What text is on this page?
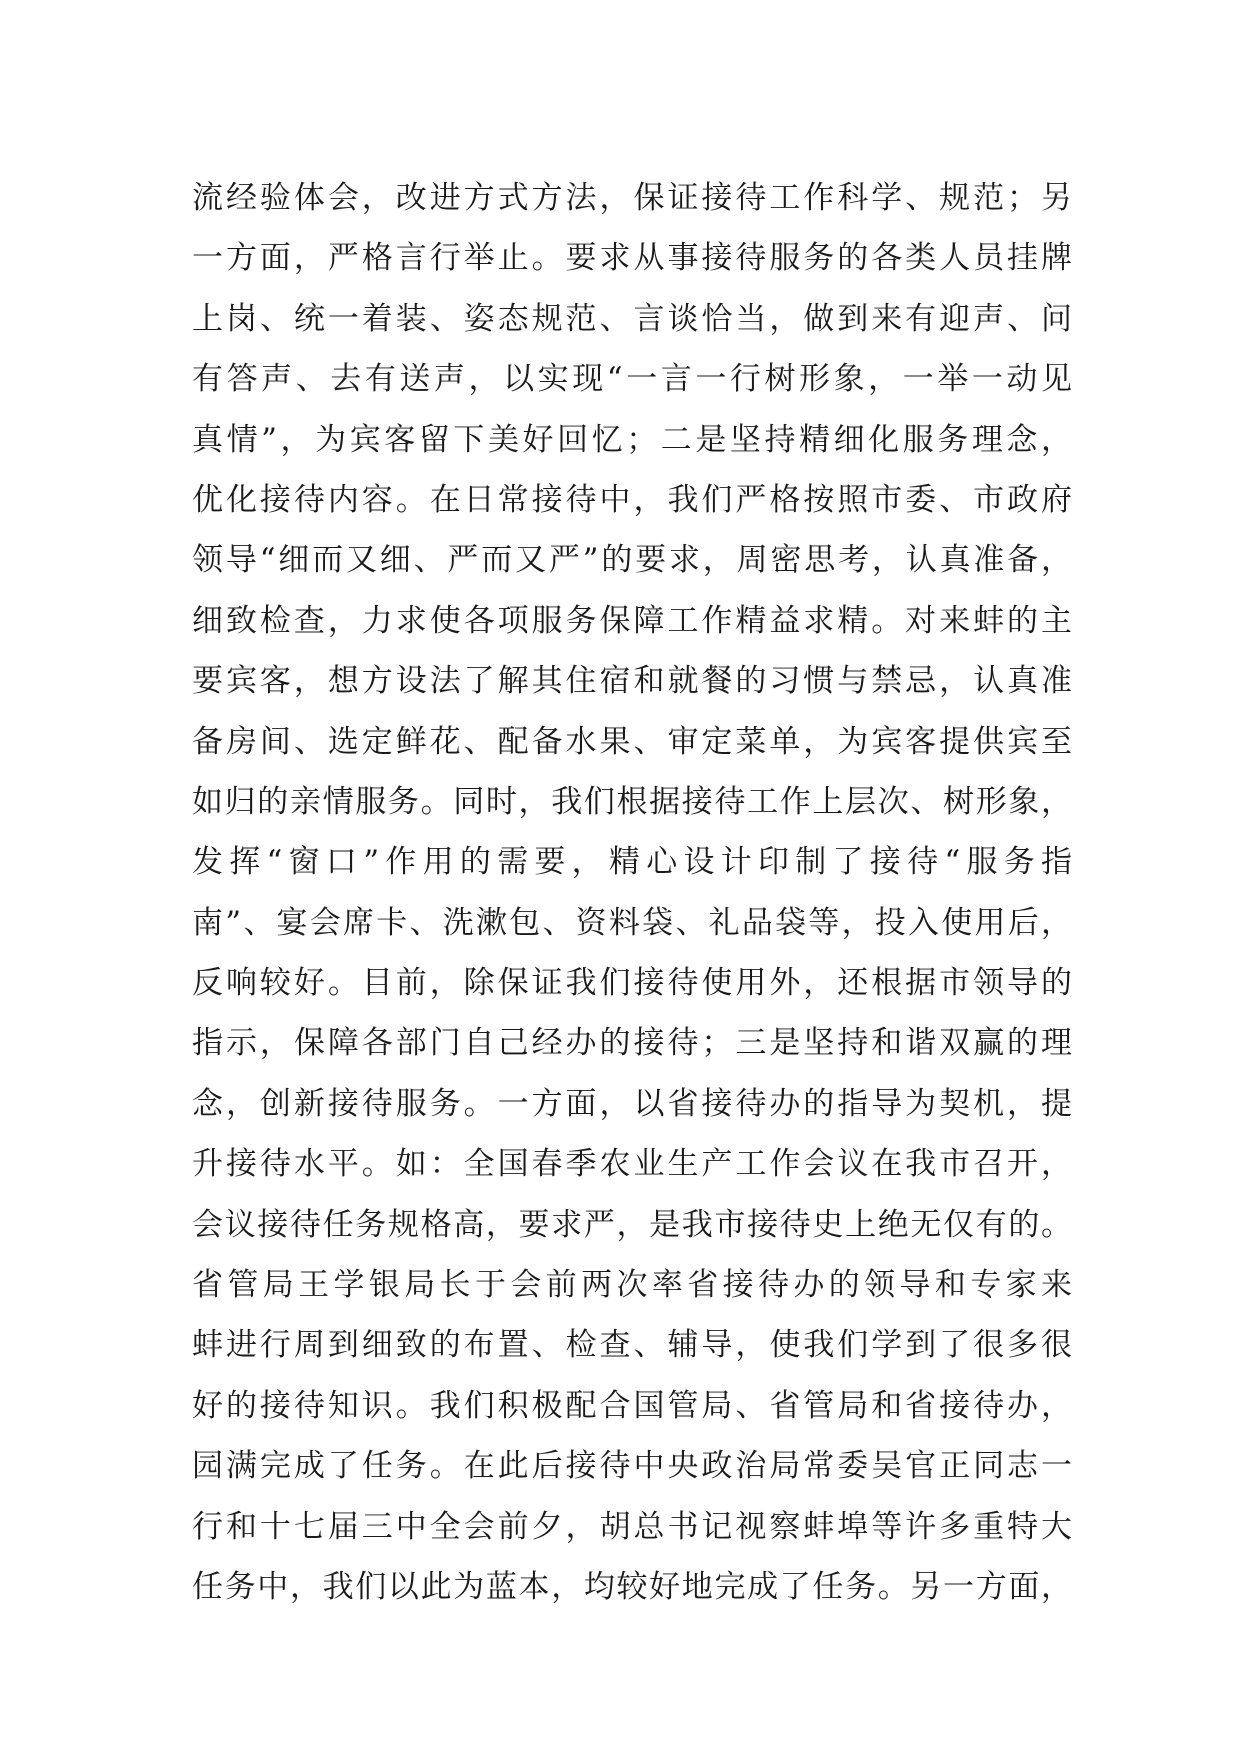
流经验体会，改进方式方法，保证接待工作科学、规范；另
一方面，严格言行举止。要求从事接待服务的各类人员挂牌
上岗、统一着装、姿态规范、言谈恰当，做到来有迎声、问
有答声、去有送声，以实现“一言一行树形象，一举一动见
真情”，为宾客留下美好回忆；二是坚持精细化服务理念，
优化接待内容。在日常接待中，我们严格按照市委、市政府
领导“细而又细、严而又严”的要求，周密思考，认真准备，
细致检查，力求使各项服务保障工作精益求精。对来蚌的主
要宾客，想方设法了解其住宿和就餐的习惯与禁忌，认真准
备房间、选定鲜花、配备水果、审定菜单，为宾客提供宾至
如归的亲情服务。同时，我们根据接待工作上层次、树形象，
发挥“窗口”作用的需要，精心设计印制了接待“服务指
南”、宴会席卡、洗漱包、资料袋、礼品袋等，投入使用后，
反响较好。目前，除保证我们接待使用外，还根据市领导的
指示，保障各部门自己经办的接待；三是坚持和谐双赢的理
念，创新接待服务。一方面，以省接待办的指导为契机，提
升接待水平。如：全国春季农业生产工作会议在我市召开，
会议接待任务规格高，要求严，是我市接待史上绝无仅有的。
省管局王学银局长于会前两次率省接待办的领导和专家来
蚌进行周到细致的布置、检查、辅导，使我们学到了很多很
好的接待知识。我们积极配合国管局、省管局和省接待办，
园满完成了任务。在此后接待中央政治局常委吴官正同志一
行和十七届三中全会前夕，胡总书记视察蚌埠等许多重特大
任务中，我们以此为蓝本，均较好地完成了任务。另一方面，
